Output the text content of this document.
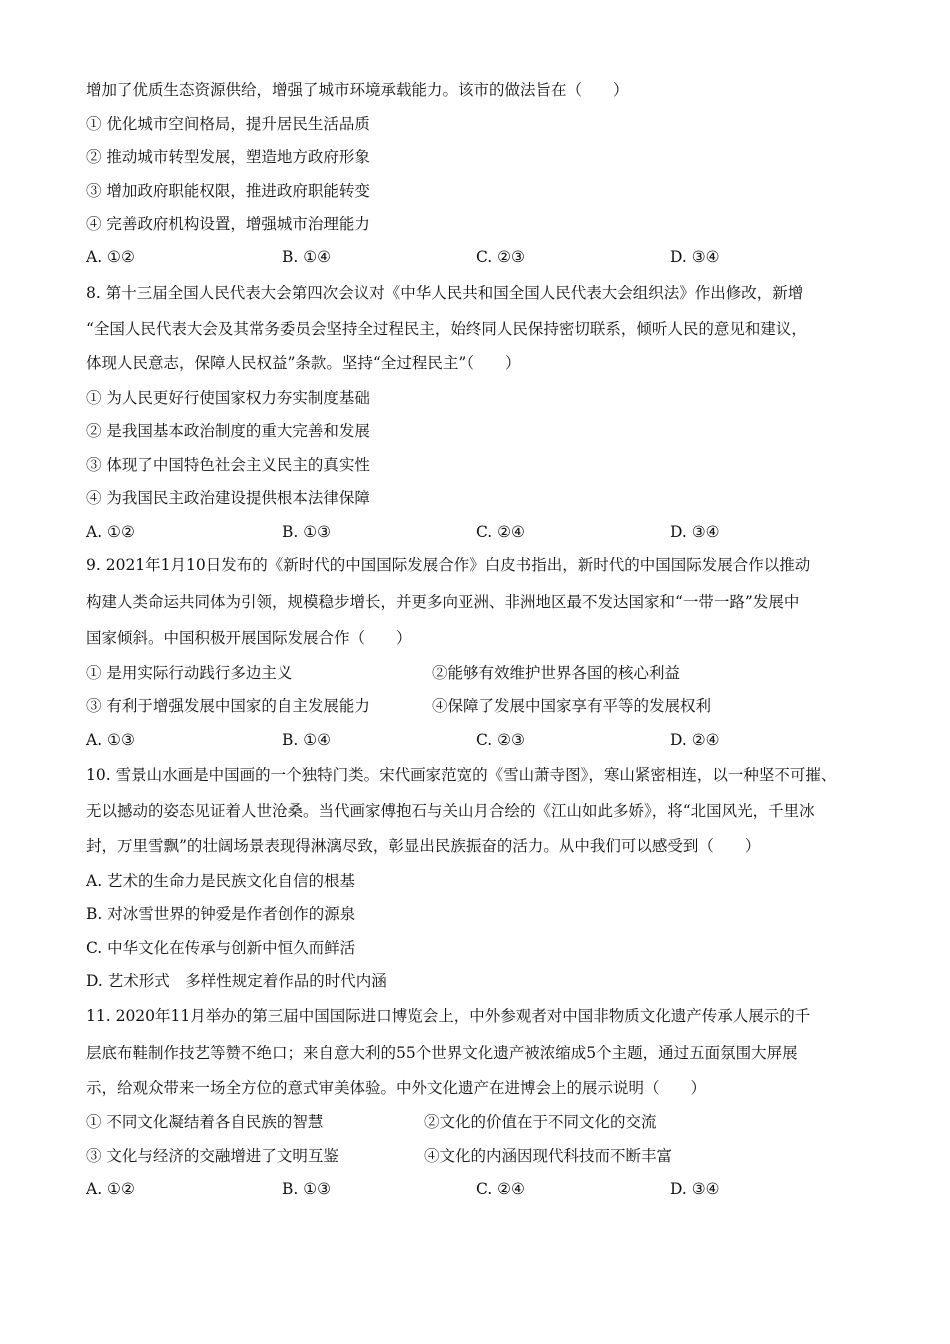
增加了优质生态资源供给，增强了城市环境承载能力。该市的做法旨在（　　）
① 优化城市空间格局，提升居民生活品质
② 推动城市转型发展，塑造地方政府形象
③ 增加政府职能权限，推进政府职能转变
④ 完善政府机构设置，增强城市治理能力
A. ①②	B. ①④	C. ②③	D. ③④
8. 第十三届全国人民代表大会第四次会议对《中华人民共和国全国人民代表大会组织法》作出修改，新增
“全国人民代表大会及其常务委员会坚持全过程民主，始终同人民保持密切联系，倾听人民的意见和建议，
体现人民意志，保障人民权益”条款。坚持“全过程民主”（　　）
① 为人民更好行使国家权力夯实制度基础
② 是我国基本政治制度的重大完善和发展
③ 体现了中国特色社会主义民主的真实性
④ 为我国民主政治建设提供根本法律保障
A. ①②	B. ①③	C. ②④	D. ③④
9. 2021年1月10日发布的《新时代的中国国际发展合作》白皮书指出，新时代的中国国际发展合作以推动
构建人类命运共同体为引领，规模稳步增长，并更多向亚洲、非洲地区最不发达国家和“一带一路”发展中
国家倾斜。中国积极开展国际发展合作（　　）
① 是用实际行动践行多边主义	②能够有效维护世界各国的核心利益
③ 有利于增强发展中国家的自主发展能力	④保障了发展中国家享有平等的发展权利
A. ①③	B. ①④	C. ②③	D. ②④
10. 雪景山水画是中国画的一个独特门类。宋代画家范宽的《雪山萧寺图》，寒山紧密相连，以一种坚不可摧、
无以撼动的姿态见证着人世沧桑。当代画家傅抱石与关山月合绘的《江山如此多娇》，将“北国风光，千里冰
封，万里雪飘”的壮阔场景表现得淋漓尽致，彰显出民族振奋的活力。从中我们可以感受到（　　）
A. 艺术的生命力是民族文化自信的根基
B. 对冰雪世界的钟爱是作者创作的源泉
C. 中华文化在传承与创新中恒久而鲜活
D. 艺术形式　多样性规定着作品的时代内涵
11. 2020年11月举办的第三届中国国际进口博览会上，中外参观者对中国非物质文化遗产传承人展示的千
层底布鞋制作技艺等赞不绝口；来自意大利的55个世界文化遗产被浓缩成5个主题，通过五面氛围大屏展
示，给观众带来一场全方位的意式审美体验。中外文化遗产在进博会上的展示说明（　　）
① 不同文化凝结着各自民族的智慧	②文化的价值在于不同文化的交流
③ 文化与经济的交融增进了文明互鉴	④文化的内涵因现代科技而不断丰富
A. ①②	B. ①③	C. ②④	D. ③④
